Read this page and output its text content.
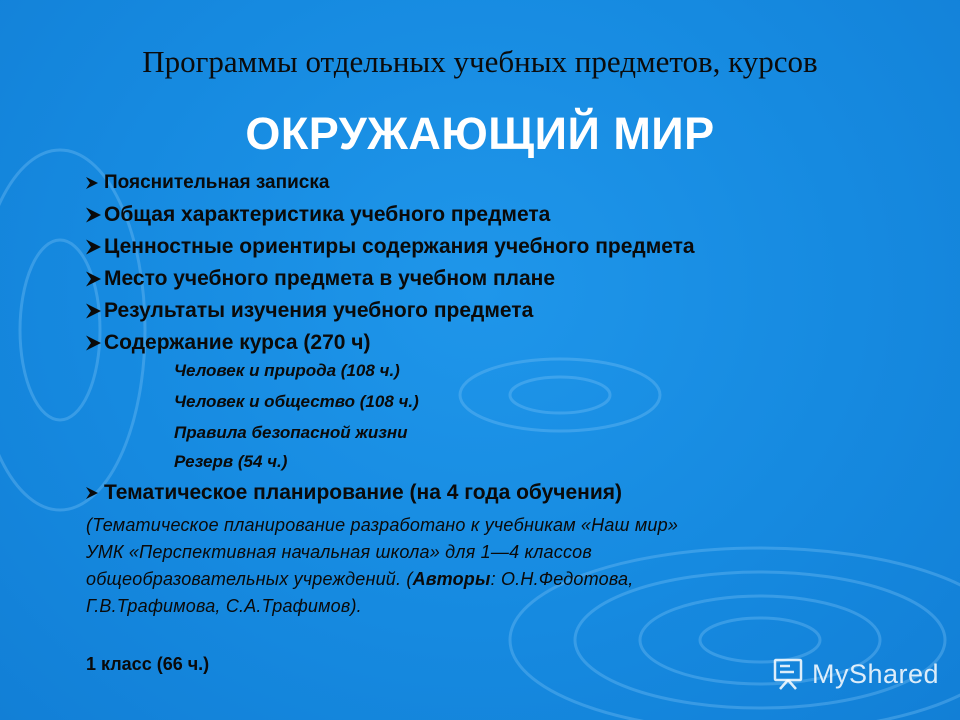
Программы отдельных учебных предметов, курсов
ОКРУЖАЮЩИЙ МИР
Пояснительная записка
Общая характеристика учебного предмета
Ценностные ориентиры содержания учебного предмета
Место учебного предмета в учебном плане
Результаты изучения учебного предмета
Содержание курса (270 ч)
Человек и природа (108 ч.)
Человек и общество (108 ч.)
Правила безопасной жизни
Резерв (54 ч.)
Тематическое планирование (на 4 года обучения)
(Тематическое планирование разработано к учебникам «Наш мир»
УМК «Перспективная начальная школа» для 1—4 классов
общеобразовательных учреждений. (Авторы: О.Н.Федотова,
Г.В.Трафимова, С.А.Трафимов).
1 класс (66 ч.)	MyShared
